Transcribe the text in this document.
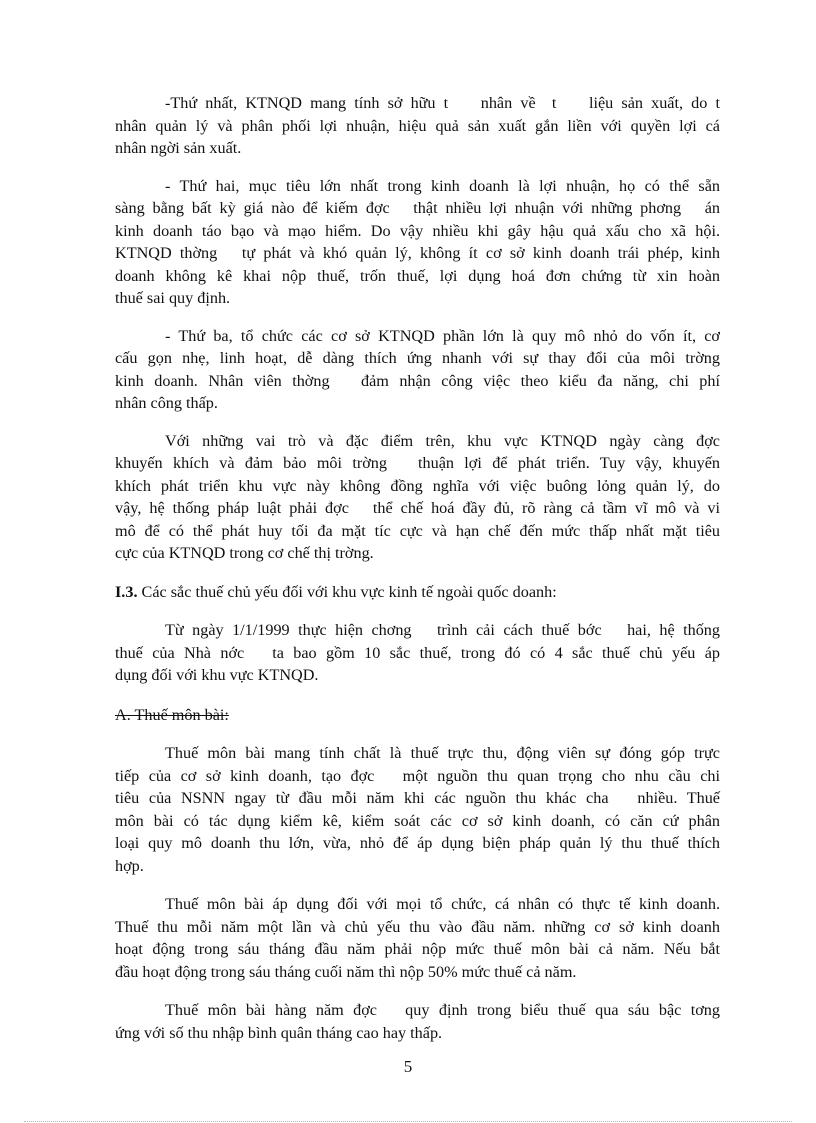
-Thứ nhất, KTNQD mang tính sở hữu t    nhân về  t    liệu sản xuất, do t
nhân quản lý và phân phối lợi nhuận, hiệu quả sản xuất gắn liền với quyền lợi cá
nhân ngời sản xuất.
- Thứ hai, mục tiêu lớn nhất trong kinh doanh là lợi nhuận, họ có thể sẵn
sàng bằng bất kỳ giá nào để kiếm đợc   thật nhiều lợi nhuận với những phơng   án
kinh doanh táo bạo và mạo hiểm. Do vậy nhiều khi gây hậu quả xấu cho xã hội.
KTNQD thờng   tự phát và khó quản lý, không ít cơ sở kinh doanh trái phép, kinh
doanh không kê khai nộp thuế, trốn thuế, lợi dụng hoá đơn chứng từ xin hoàn
thuế sai quy định.
- Thứ ba, tổ chức các cơ sở KTNQD phần lớn là quy mô nhỏ do vốn ít, cơ
cấu gọn nhẹ, linh hoạt, dễ dàng thích ứng nhanh với sự thay đổi của môi trờng
kinh doanh. Nhân viên thờng   đảm nhận công việc theo kiểu đa năng, chi phí
nhân công thấp.
Với những vai trò và đặc điểm trên, khu vực KTNQD ngày càng đợc
khuyến khích và đảm bảo môi trờng   thuận lợi để phát triển. Tuy vậy, khuyến
khích phát triển khu vực này không đồng nghĩa với việc buông lỏng quản lý, do
vậy, hệ thống pháp luật phải đợc   thể chế hoá đầy đủ, rõ ràng cả tầm vĩ mô và vi
mô để có thể phát huy tối đa mặt tíc cực và hạn chế đến mức thấp nhất mặt tiêu
cực của KTNQD trong cơ chế thị trờng.
I.3. Các sắc thuế chủ yếu đối với khu vực kinh tế ngoài quốc doanh:
Từ ngày 1/1/1999 thực hiện chơng   trình cải cách thuế bớc   hai, hệ thống
thuế của Nhà nớc   ta bao gồm 10 sắc thuế, trong đó có 4 sắc thuế chủ yếu áp
dụng đối với khu vực KTNQD.
A. Thuế môn bài:
Thuế môn bài mang tính chất là thuế trực thu, động viên sự đóng góp trực
tiếp của cơ sở kinh doanh, tạo đợc   một nguồn thu quan trọng cho nhu cầu chi
tiêu của NSNN ngay từ đầu mỗi năm khi các nguồn thu khác cha   nhiều. Thuế
môn bài có tác dụng kiểm kê, kiểm soát các cơ sở kinh doanh, có căn cứ phân
loại quy mô doanh thu lớn, vừa, nhỏ để áp dụng biện pháp quản lý thu thuế thích
hợp.
Thuế môn bài áp dụng đối với mọi tổ chức, cá nhân có thực tế kinh doanh.
Thuế thu mỗi năm một lần và chủ yếu thu vào đầu năm. những cơ sở kinh doanh
hoạt động trong sáu tháng đầu năm phải nộp mức thuế môn bài cả năm. Nếu bắt
đầu hoạt động trong sáu tháng cuối năm thì nộp 50% mức thuế cả năm.
Thuế môn bài hàng năm đợc   quy định trong biểu thuế qua sáu bậc tơng
ứng với số thu nhập bình quân tháng cao hay thấp.
5
